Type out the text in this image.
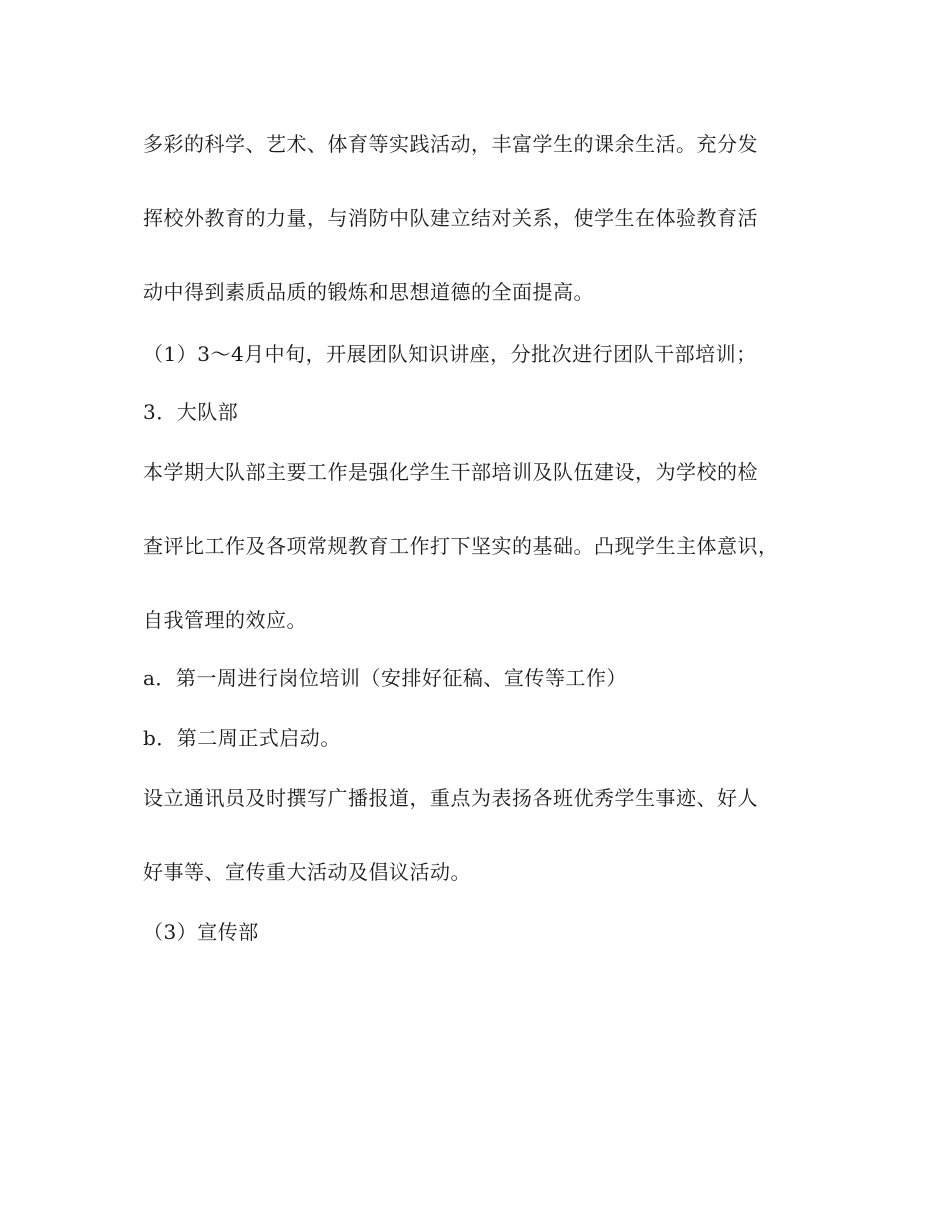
多彩的科学、艺术、体育等实践活动，丰富学生的课余生活。充分发
挥校外教育的力量，与消防中队建立结对关系，使学生在体验教育活
动中得到素质品质的锻炼和思想道德的全面提高。
（1）3～4月中旬，开展团队知识讲座，分批次进行团队干部培训；
3．大队部
本学期大队部主要工作是强化学生干部培训及队伍建设，为学校的检
查评比工作及各项常规教育工作打下坚实的基础。凸现学生主体意识，
自我管理的效应。
a．第一周进行岗位培训（安排好征稿、宣传等工作）
b．第二周正式启动。
设立通讯员及时撰写广播报道，重点为表扬各班优秀学生事迹、好人
好事等、宣传重大活动及倡议活动。
（3）宣传部
